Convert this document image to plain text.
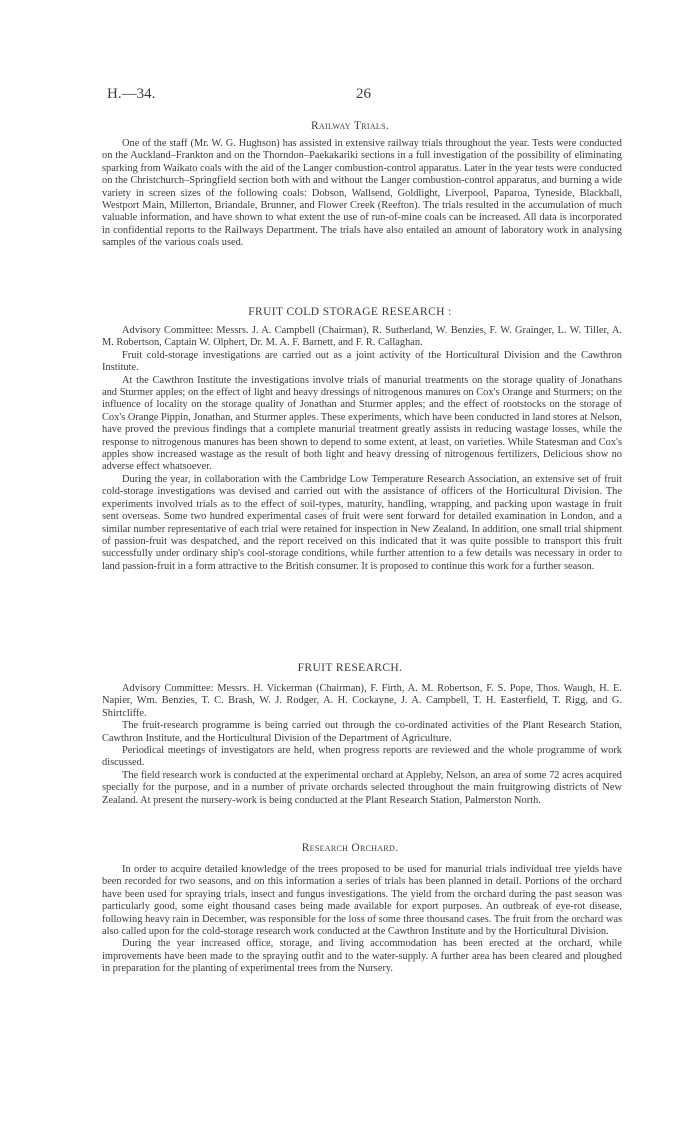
H.—34.	26
Railway Trials.

One of the staff (Mr. W. G. Hughson) has assisted in extensive railway trials throughout the year. Tests were conducted on the Auckland–Frankton and on the Thorndon–Paekakariki sections in a full investigation of the possibility of eliminating sparking from Waikato coals with the aid of the Langer combustion-control apparatus. Later in the year tests were conducted on the Christchurch–Springfield section both with and without the Langer combustion-control apparatus, and burning a wide variety in screen sizes of the following coals: Dobson, Wallsend, Goldlight, Liverpool, Paparoa, Tyneside, Blackball, Westport Main, Millerton, Briandale, Brunner, and Flower Creek (Reefton). The trials resulted in the accumulation of much valuable information, and have shown to what extent the use of run-of-mine coals can be increased. All data is incorporated in confidential reports to the Railways Department. The trials have also entailed an amount of laboratory work in analysing samples of the various coals used.

FRUIT COLD STORAGE RESEARCH :

Advisory Committee: Messrs. J. A. Campbell (Chairman), R. Sutherland, W. Benzies, F. W. Grainger, L. W. Tiller, A. M. Robertson, Captain W. Olphert, Dr. M. A. F. Barnett, and F. R. Callaghan.

Fruit cold-storage investigations are carried out as a joint activity of the Horticultural Division and the Cawthron Institute.

At the Cawthron Institute the investigations involve trials of manurial treatments on the storage quality of Jonathans and Sturmer apples; on the effect of light and heavy dressings of nitrogenous manures on Cox's Orange and Sturmers; on the influence of locality on the storage quality of Jonathan and Sturmer apples; and the effect of rootstocks on the storage of Cox's Orange Pippin, Jonathan, and Sturmer apples. These experiments, which have been conducted in land stores at Nelson, have proved the previous findings that a complete manurial treatment greatly assists in reducing wastage losses, while the response to nitrogenous manures has been shown to depend to some extent, at least, on varieties. While Statesman and Cox's apples show increased wastage as the result of both light and heavy dressing of nitrogenous fertilizers, Delicious show no adverse effect whatsoever.

During the year, in collaboration with the Cambridge Low Temperature Research Association, an extensive set of fruit cold-storage investigations was devised and carried out with the assistance of officers of the Horticultural Division. The experiments involved trials as to the effect of soil-types, maturity, handling, wrapping, and packing upon wastage in fruit sent overseas. Some two hundred experimental cases of fruit were sent forward for detailed examination in London, and a similar number representative of each trial were retained for inspection in New Zealand. In addition, one small trial shipment of passion-fruit was despatched, and the report received on this indicated that it was quite possible to transport this fruit successfully under ordinary ship's cool-storage conditions, while further attention to a few details was necessary in order to land passion-fruit in a form attractive to the British consumer. It is proposed to continue this work for a further season.

FRUIT RESEARCH.

Advisory Committee: Messrs. H. Vickerman (Chairman), F. Firth, A. M. Robertson, F. S. Pope, Thos. Waugh, H. E. Napier, Wm. Benzies, T. C. Brash, W. J. Rodger, A. H. Cockayne, J. A. Campbell, T. H. Easterfield, T. Rigg, and G. Shirtcliffe.

The fruit-research programme is being carried out through the co-ordinated activities of the Plant Research Station, Cawthron Institute, and the Horticultural Division of the Department of Agriculture.

Periodical meetings of investigators are held, when progress reports are reviewed and the whole programme of work discussed.

The field research work is conducted at the experimental orchard at Appleby, Nelson, an area of some 72 acres acquired specially for the purpose, and in a number of private orchards selected throughout the main fruitgrowing districts of New Zealand. At present the nursery-work is being conducted at the Plant Research Station, Palmerston North.

Research Orchard.

In order to acquire detailed knowledge of the trees proposed to be used for manurial trials individual tree yields have been recorded for two seasons, and on this information a series of trials has been planned in detail. Portions of the orchard have been used for spraying trials, insect and fungus investigations. The yield from the orchard during the past season was particularly good, some eight thousand cases being made available for export purposes. An outbreak of eye-rot disease, following heavy rain in December, was responsible for the loss of some three thousand cases. The fruit from the orchard was also called upon for the cold-storage research work conducted at the Cawthron Institute and by the Horticultural Division.

During the year increased office, storage, and living accommodation has been erected at the orchard, while improvements have been made to the spraying outfit and to the water-supply. A further area has been cleared and ploughed in preparation for the planting of experimental trees from the Nursery.
